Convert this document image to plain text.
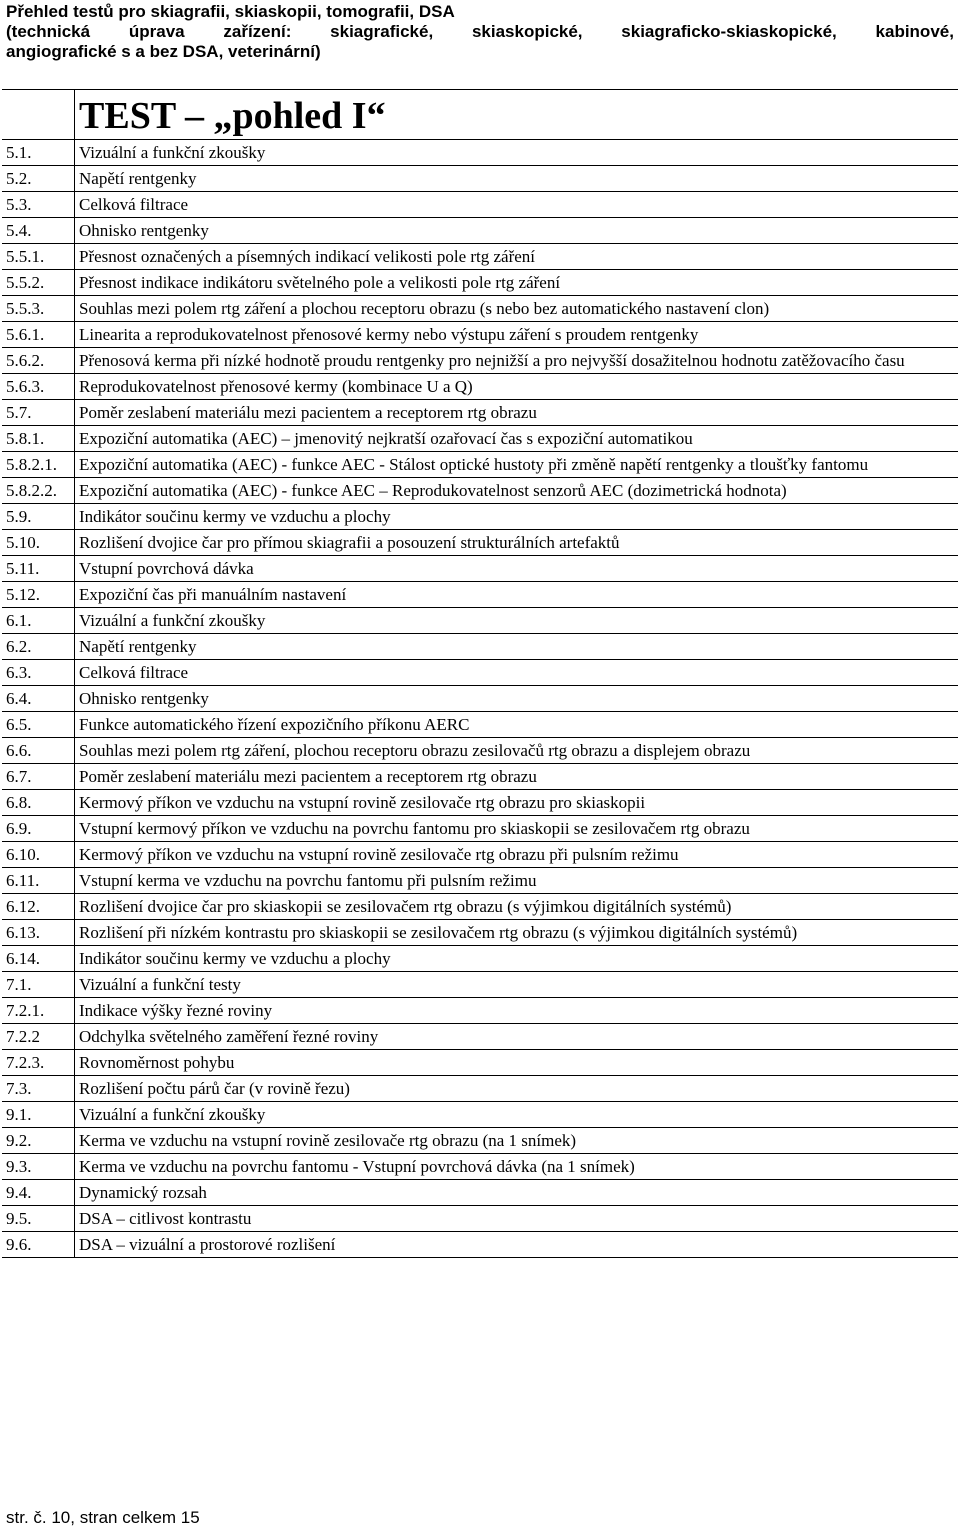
Přehled testů pro skiagrafii, skiaskopii, tomografii, DSA
(technická úprava zařízení: skiagrafické, skiaskopické, skiagraficko-skiaskopické, kabinové,
angiografické s a bez DSA, veterinární)
	TEST – „pohled I“
5.1.	Vizuální a funkční zkoušky
5.2.	Napětí rentgenky
5.3.	Celková filtrace
5.4.	Ohnisko rentgenky
5.5.1.	Přesnost označených a písemných indikací velikosti pole rtg záření
5.5.2.	Přesnost indikace indikátoru světelného pole a velikosti pole rtg záření
5.5.3.	Souhlas mezi polem rtg záření a plochou receptoru obrazu (s nebo bez automatického nastavení clon)
5.6.1.	Linearita a reprodukovatelnost přenosové kermy nebo výstupu záření s proudem rentgenky
5.6.2.	Přenosová kerma při nízké hodnotě proudu rentgenky pro nejnižší a pro nejvyšší dosažitelnou hodnotu zatěžovacího času
5.6.3.	Reprodukovatelnost přenosové kermy (kombinace U a Q)
5.7.	Poměr zeslabení materiálu mezi pacientem a receptorem rtg obrazu
5.8.1.	Expoziční automatika (AEC) – jmenovitý nejkratší ozařovací čas s expoziční automatikou
5.8.2.1.	Expoziční automatika (AEC) - funkce AEC - Stálost optické hustoty při změně napětí rentgenky a tloušťky fantomu
5.8.2.2.	Expoziční automatika (AEC) - funkce AEC – Reprodukovatelnost senzorů AEC (dozimetrická hodnota)
5.9.	Indikátor součinu kermy ve vzduchu a plochy
5.10.	Rozlišení dvojice čar pro přímou skiagrafii a posouzení strukturálních artefaktů
5.11.	Vstupní povrchová dávka
5.12.	Expoziční čas při manuálním nastavení
6.1.	Vizuální a funkční zkoušky
6.2.	Napětí rentgenky
6.3.	Celková filtrace
6.4.	Ohnisko rentgenky
6.5.	Funkce automatického řízení expozičního příkonu AERC
6.6.	Souhlas mezi polem rtg záření, plochou receptoru obrazu zesilovačů rtg obrazu a displejem obrazu
6.7.	Poměr zeslabení materiálu mezi pacientem a receptorem rtg obrazu
6.8.	Kermový příkon ve vzduchu na vstupní rovině zesilovače rtg obrazu pro skiaskopii
6.9.	Vstupní kermový příkon ve vzduchu na povrchu fantomu pro skiaskopii se zesilovačem rtg obrazu
6.10.	Kermový příkon ve vzduchu na vstupní rovině zesilovače rtg obrazu při pulsním režimu
6.11.	Vstupní kerma ve vzduchu na povrchu fantomu při pulsním režimu
6.12.	Rozlišení dvojice čar pro skiaskopii se zesilovačem rtg obrazu (s výjimkou digitálních systémů)
6.13.	Rozlišení při nízkém kontrastu pro skiaskopii se zesilovačem rtg obrazu (s výjimkou digitálních systémů)
6.14.	Indikátor součinu kermy ve vzduchu a plochy
7.1.	Vizuální a funkční testy
7.2.1.	Indikace výšky řezné roviny
7.2.2	Odchylka světelného zaměření řezné roviny
7.2.3.	Rovnoměrnost pohybu
7.3.	Rozlišení počtu párů čar (v rovině řezu)
9.1.	Vizuální a funkční zkoušky
9.2.	Kerma ve vzduchu na vstupní rovině zesilovače rtg obrazu (na 1 snímek)
9.3.	Kerma ve vzduchu na povrchu fantomu - Vstupní povrchová dávka (na 1 snímek)
9.4.	Dynamický rozsah
9.5.	DSA – citlivost kontrastu
9.6.	DSA – vizuální a prostorové rozlišení
str. č. 10, stran celkem 15
